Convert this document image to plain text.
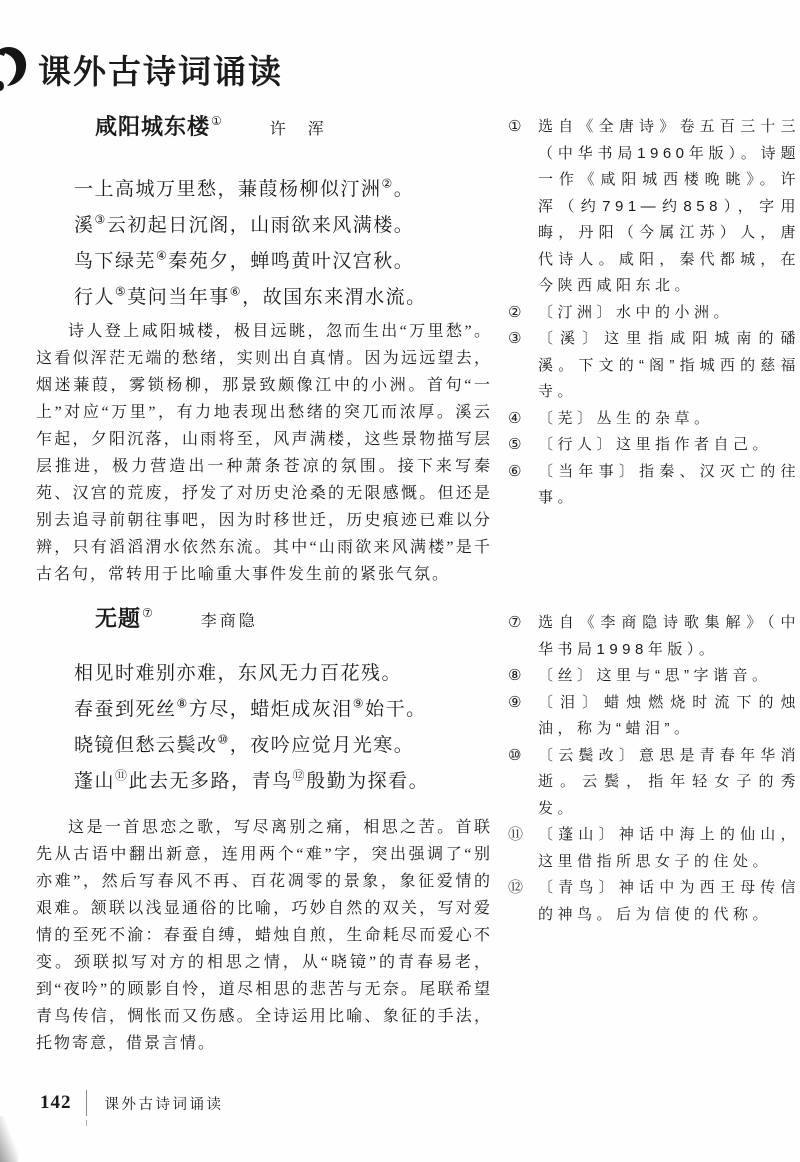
课外古诗词诵读
咸阳城东楼 ①	许　浑
一上高城万里愁，蒹葭杨柳似汀洲②。
溪③云初起日沉阁，山雨欲来风满楼。
鸟下绿芜④秦苑夕，蝉鸣黄叶汉宫秋。
行人⑤莫问当年事⑥，故国东来渭水流。

诗人登上咸阳城楼，极目远眺，忽而生出“万里愁”。这看似浑茫无端的愁绪，实则出自真情。因为远远望去，烟迷蒹葭，雾锁杨柳，那景致颇像江中的小洲。首句“一上”对应“万里”，有力地表现出愁绪的突兀而浓厚。溪云乍起，夕阳沉落，山雨将至，风声满楼，这些景物描写层层推进，极力营造出一种萧条苍凉的氛围。接下来写秦苑、汉宫的荒废，抒发了对历史沧桑的无限感慨。但还是别去追寻前朝往事吧，因为时移世迁，历史痕迹已难以分辨，只有滔滔渭水依然东流。其中“山雨欲来风满楼”是千古名句，常转用于比喻重大事件发生前的紧张气氛。

无题 ⑦	李商隐
相见时难别亦难，东风无力百花残。
春蚕到死丝⑧方尽，蜡炬成灰泪⑨始干。
晓镜但愁云鬓改⑩，夜吟应觉月光寒。
蓬山⑪此去无多路，青鸟⑫殷勤为探看。

这是一首思恋之歌，写尽离别之痛，相思之苦。首联先从古语中翻出新意，连用两个“难”字，突出强调了“别亦难”，然后写春风不再、百花凋零的景象，象征爱情的艰难。颔联以浅显通俗的比喻，巧妙自然的双关，写对爱情的至死不渝：春蚕自缚，蜡烛自煎，生命耗尽而爱心不变。颈联拟写对方的相思之情，从“晓镜”的青春易老，到“夜吟”的顾影自怜，道尽相思的悲苦与无奈。尾联希望青鸟传信，惆怅而又伤感。全诗运用比喻、象征的手法，托物寄意，借景言情。

①	选自《全唐诗》卷五百三十三（中华书局1960年版）。诗题一作《咸阳城西楼晚眺》。许浑（约791—约858），字用晦，丹阳（今属江苏）人，唐代诗人。咸阳，秦代都城，在今陕西咸阳东北。
②	〔汀洲〕水中的小洲。
③	〔溪〕这里指咸阳城南的磻溪。下文的“阁”指城西的慈福寺。
④	〔芜〕丛生的杂草。
⑤	〔行人〕这里指作者自己。
⑥	〔当年事〕指秦、汉灭亡的往事。
⑦	选自《李商隐诗歌集解》（中华书局1998年版）。
⑧	〔丝〕这里与“思”字谐音。
⑨	〔泪〕蜡烛燃烧时流下的烛油，称为“蜡泪”。
⑩	〔云鬓改〕意思是青春年华消逝。云鬓，指年轻女子的秀发。
⑪ 〔蓬山〕神话中海上的仙山，这里借指所思女子的住处。
⑫ 〔青鸟〕神话中为西王母传信的神鸟。后为信使的代称。
142 课外古诗词诵读
